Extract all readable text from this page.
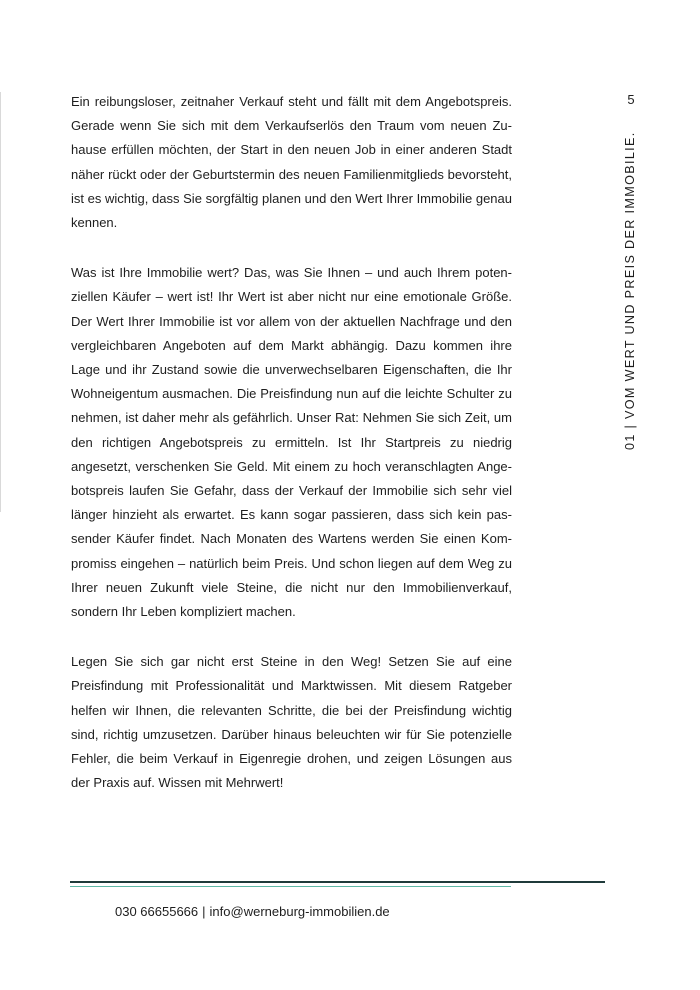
Ein reibungsloser, zeitnaher Verkauf steht und fällt mit dem Angebotspreis. Gerade wenn Sie sich mit dem Verkaufserlös den Traum vom neuen Zuhause erfüllen möchten, der Start in den neuen Job in einer anderen Stadt näher rückt oder der Geburtstermin des neuen Familienmitglieds bevorsteht, ist es wichtig, dass Sie sorgfältig planen und den Wert Ihrer Immobilie genau kennen.

Was ist Ihre Immobilie wert? Das, was Sie Ihnen – und auch Ihrem potenziellen Käufer – wert ist! Ihr Wert ist aber nicht nur eine emotionale Größe. Der Wert Ihrer Immobilie ist vor allem von der aktuellen Nachfrage und den vergleichbaren Angeboten auf dem Markt abhängig. Dazu kommen ihre Lage und ihr Zustand sowie die unverwechselbaren Eigenschaften, die Ihr Wohneigentum ausmachen. Die Preisfindung nun auf die leichte Schulter zu nehmen, ist daher mehr als gefährlich. Unser Rat: Nehmen Sie sich Zeit, um den richtigen Angebotspreis zu ermitteln. Ist Ihr Startpreis zu niedrig angesetzt, verschenken Sie Geld. Mit einem zu hoch veranschlagten Angebotspreis laufen Sie Gefahr, dass der Verkauf der Immobilie sich sehr viel länger hinzieht als erwartet. Es kann sogar passieren, dass sich kein passender Käufer findet. Nach Monaten des Wartens werden Sie einen Kompromiss eingehen – natürlich beim Preis. Und schon liegen auf dem Weg zu Ihrer neuen Zukunft viele Steine, die nicht nur den Immobilienverkauf, sondern Ihr Leben kompliziert machen.

Legen Sie sich gar nicht erst Steine in den Weg! Setzen Sie auf eine Preisfindung mit Professionalität und Marktwissen. Mit diesem Ratgeber helfen wir Ihnen, die relevanten Schritte, die bei der Preisfindung wichtig sind, richtig umzusetzen. Darüber hinaus beleuchten wir für Sie potenzielle Fehler, die beim Verkauf in Eigenregie drohen, und zeigen Lösungen aus der Praxis auf. Wissen mit Mehrwert!

5
01 | VOM WERT UND PREIS DER IMMOBILIE.
030 66655666 | info@werneburg-immobilien.de
